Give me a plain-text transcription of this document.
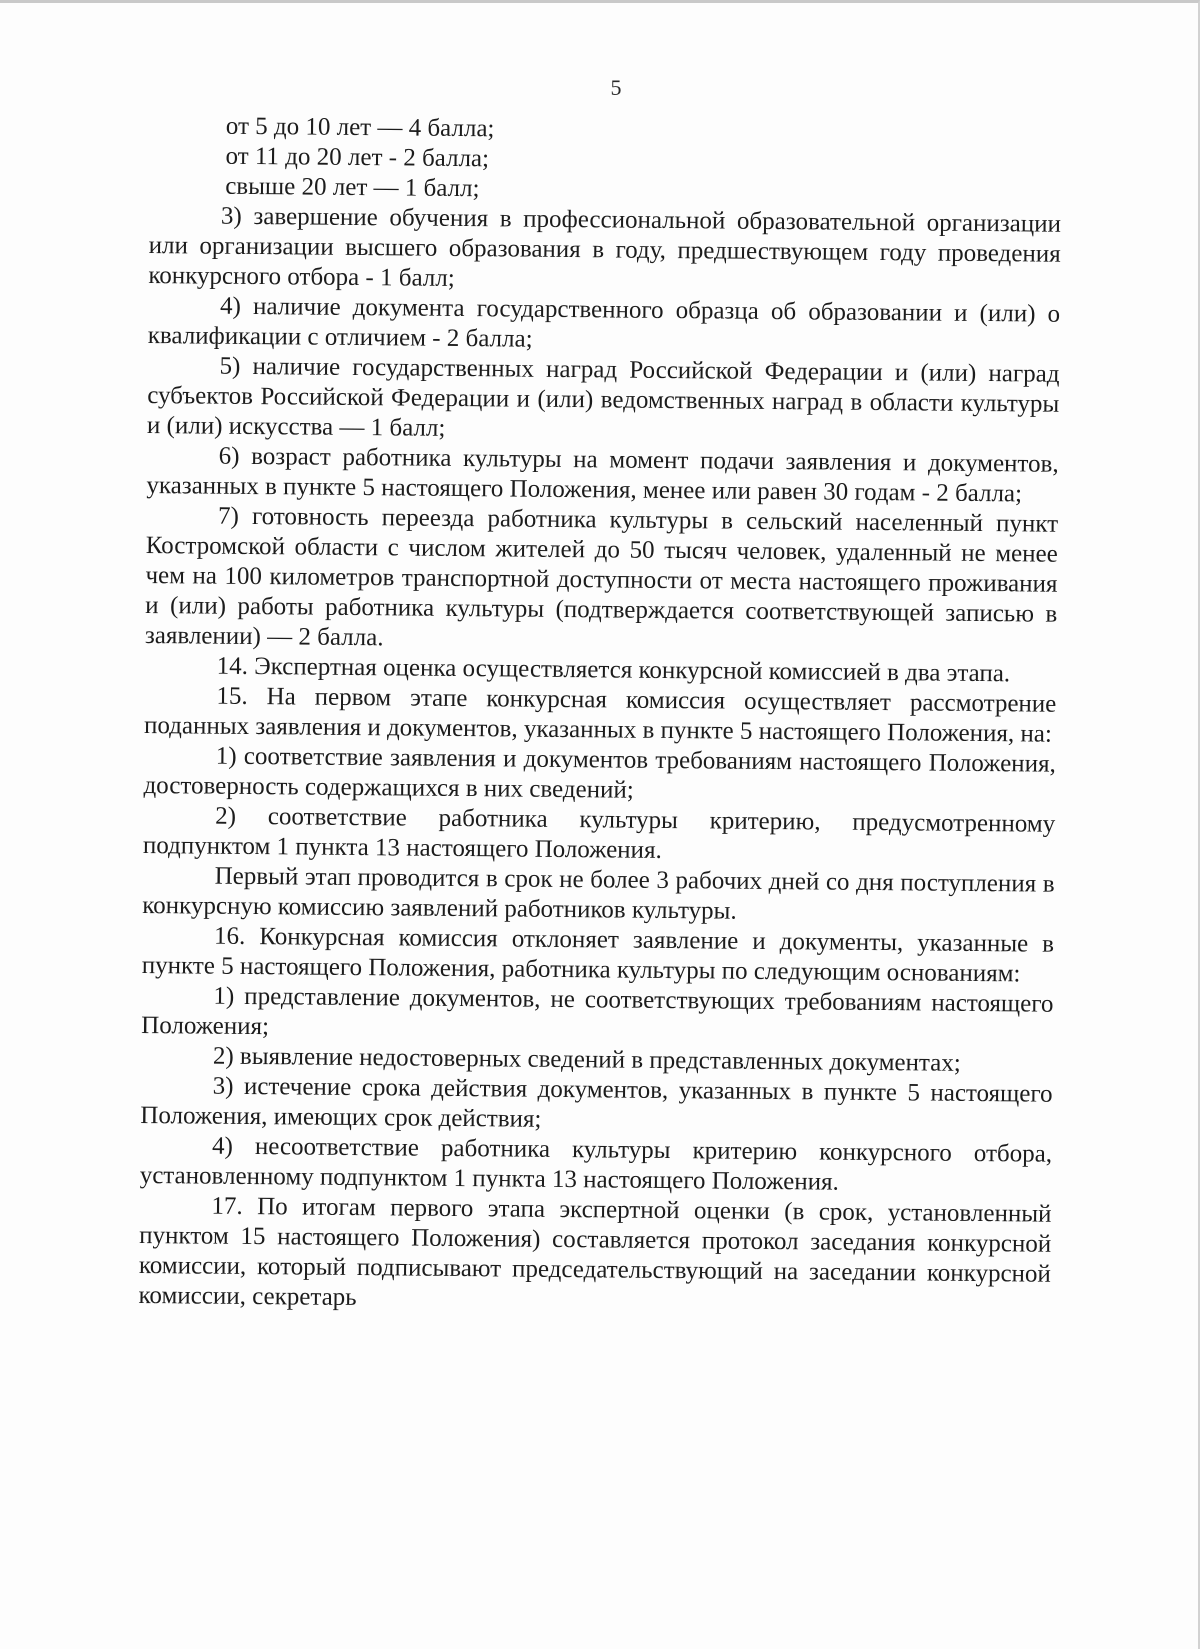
5

от 5 до 10 лет — 4 балла;

от 11 до 20 лет - 2 балла;

свыше 20 лет — 1 балл;

3) завершение обучения в профессиональной образовательной организации или организации высшего образования в году, предшествующем году проведения конкурсного отбора - 1 балл;

4) наличие документа государственного образца об образовании и (или) о квалификации с отличием - 2 балла;

5) наличие государственных наград Российской Федерации и (или) наград субъектов Российской Федерации и (или) ведомственных наград в области культуры и (или) искусства — 1 балл;

6) возраст работника культуры на момент подачи заявления и документов, указанных в пункте 5 настоящего Положения, менее или равен 30 годам - 2 балла;

7) готовность переезда работника культуры в сельский населенный пункт Костромской области с числом жителей до 50 тысяч человек, удаленный не менее чем на 100 километров транспортной доступности от места настоящего проживания и (или) работы работника культуры (подтверждается соответствующей записью в заявлении) — 2 балла.

14. Экспертная оценка осуществляется конкурсной комиссией в два этапа.

15. На первом этапе конкурсная комиссия осуществляет рассмотрение поданных заявления и документов, указанных в пункте 5 настоящего Положения, на:

1) соответствие заявления и документов требованиям настоящего Положения, достоверность содержащихся в них сведений;

2) соответствие работника культуры критерию, предусмотренному подпунктом 1 пункта 13 настоящего Положения.

Первый этап проводится в срок не более 3 рабочих дней со дня поступления в конкурсную комиссию заявлений работников культуры.

16. Конкурсная комиссия отклоняет заявление и документы, указанные в пункте 5 настоящего Положения, работника культуры по следующим основаниям:

1) представление документов, не соответствующих требованиям настоящего Положения;

2) выявление недостоверных сведений в представленных документах;

3) истечение срока действия документов, указанных в пункте 5 настоящего Положения, имеющих срок действия;

4) несоответствие работника культуры критерию конкурсного отбора, установленному подпунктом 1 пункта 13 настоящего Положения.

17. По итогам первого этапа экспертной оценки (в срок, установленный пунктом 15 настоящего Положения) составляется протокол заседания конкурсной комиссии, который подписывают председательствующий на заседании конкурсной комиссии, секретарь
